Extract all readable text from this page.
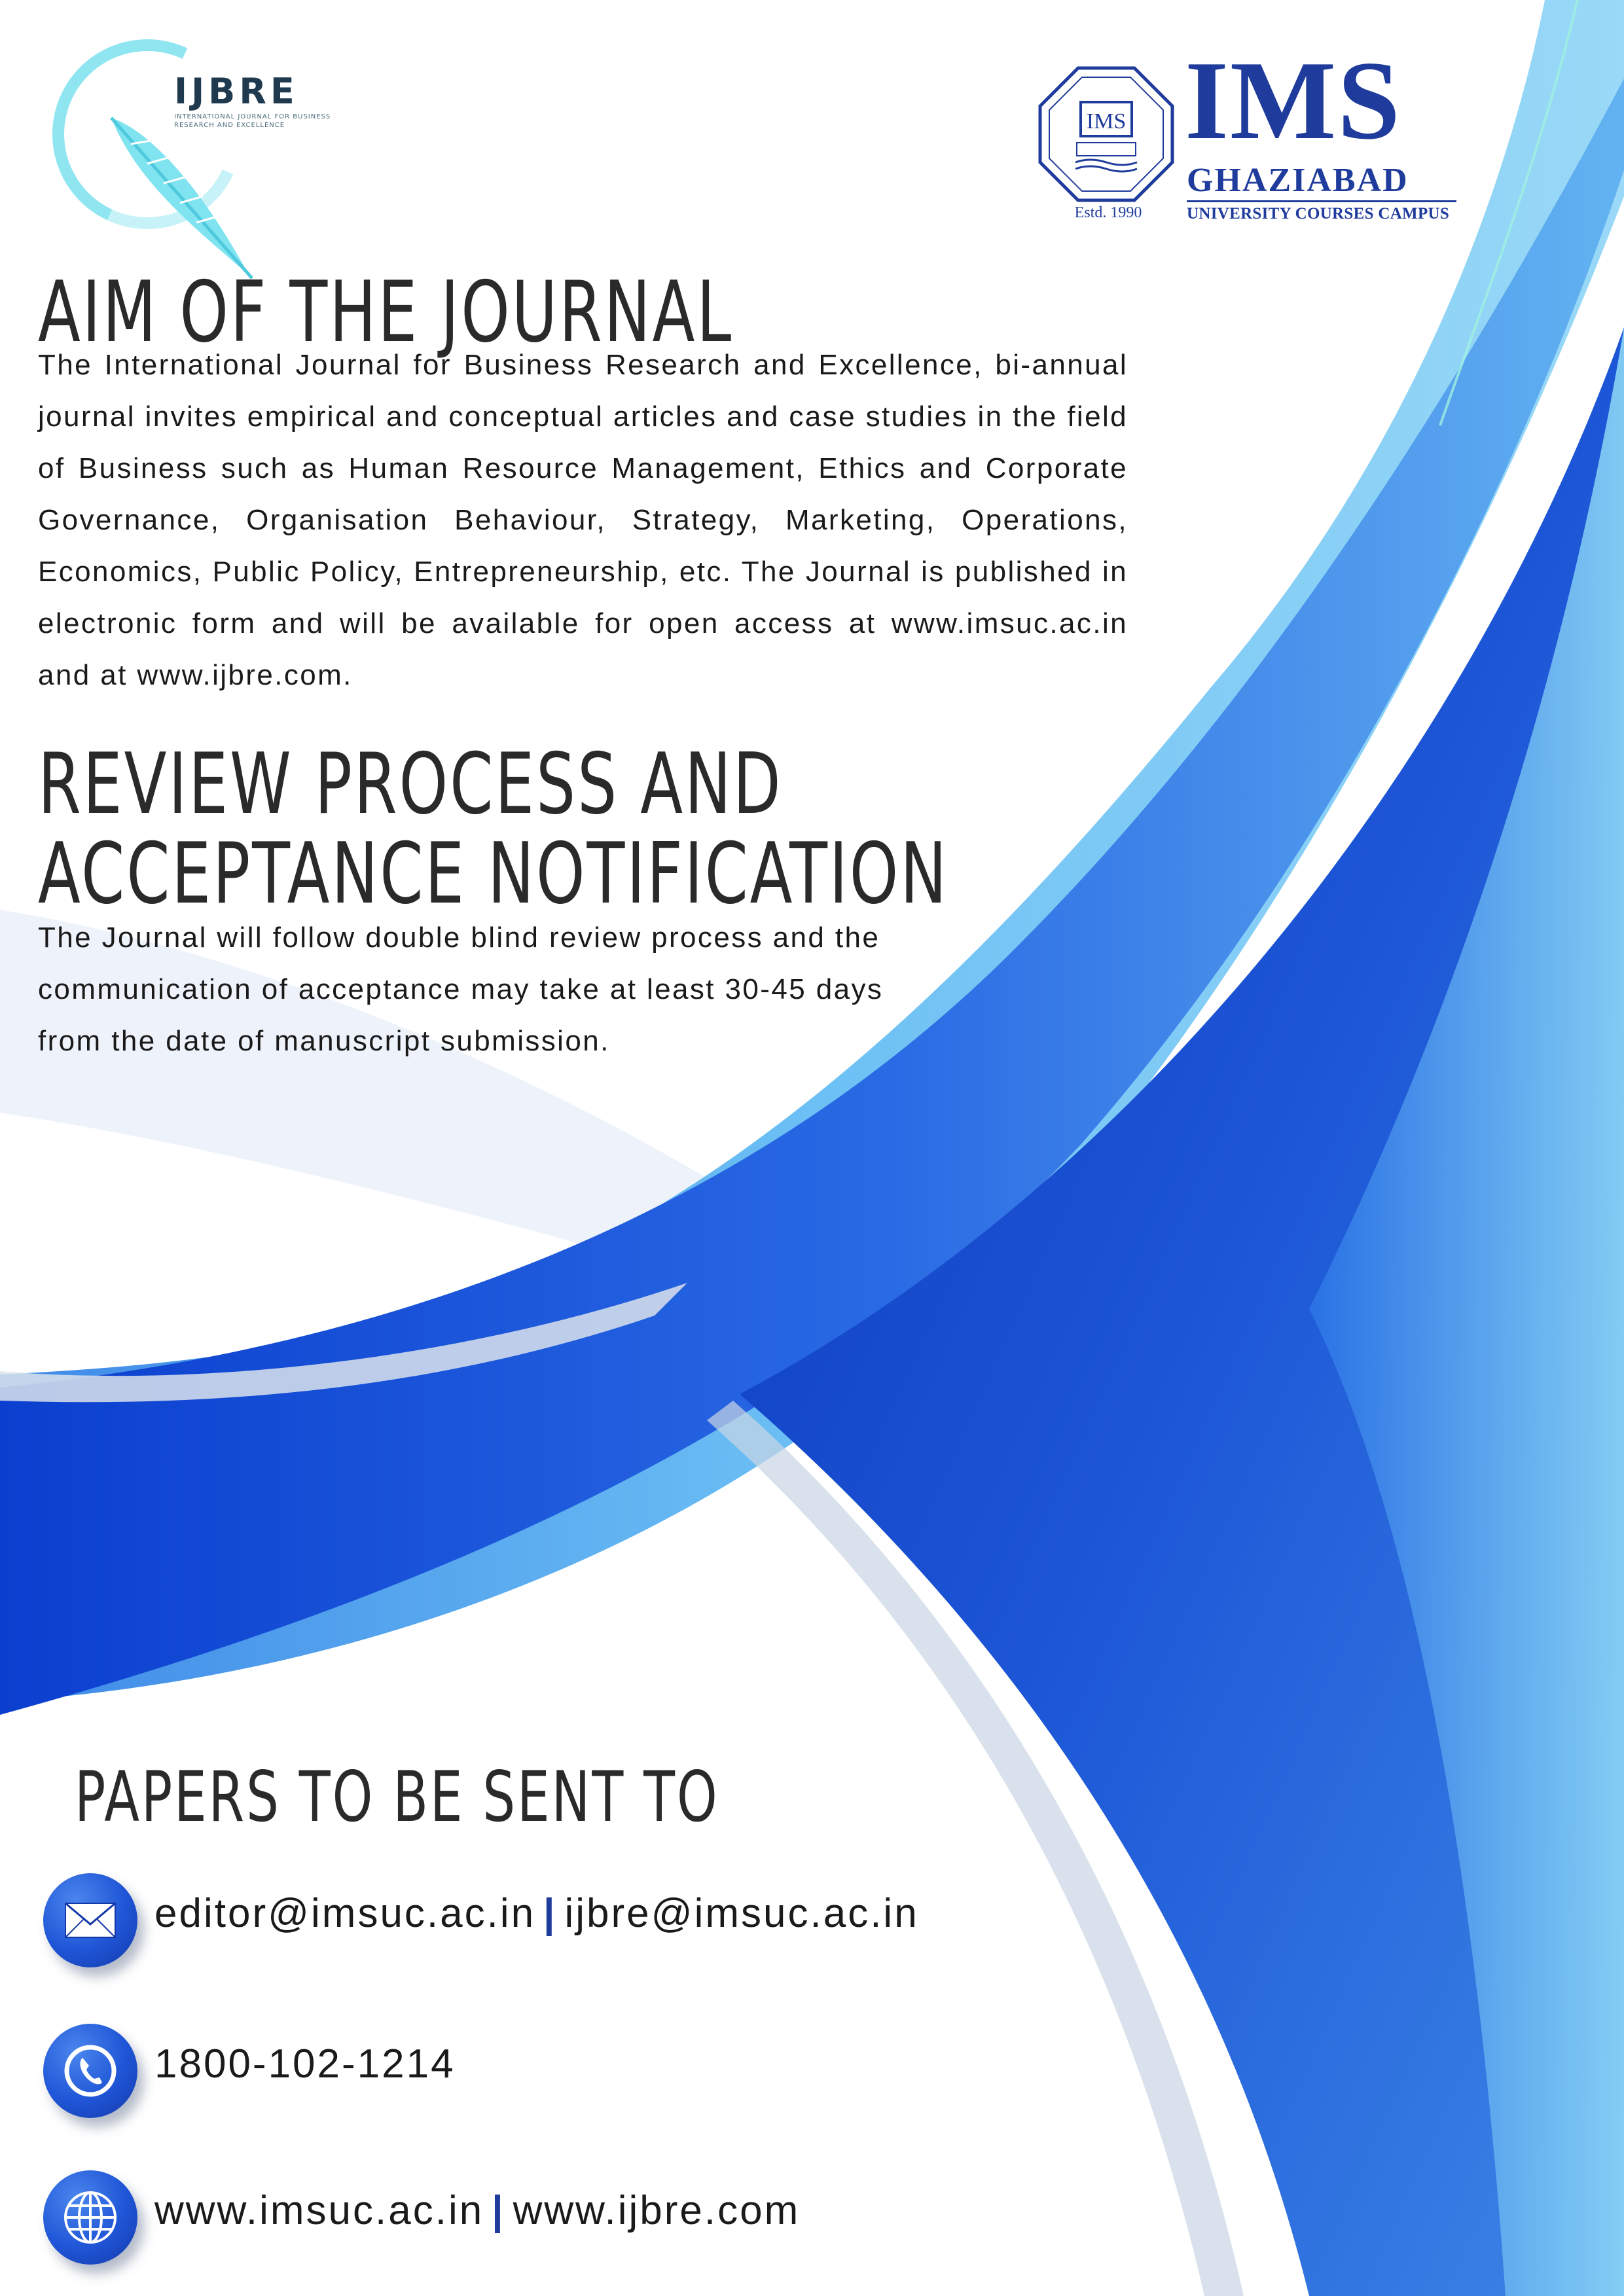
IJBRE
INTERNATIONAL JOURNAL FOR BUSINESS RESEARCH AND EXCELLENCE	IMS
Estd. 1990
IMS
GHAZIABAD
UNIVERSITY COURSES CAMPUS
AIM OF THE JOURNAL

The International Journal for Business Research and Excellence, bi-annual journal invites empirical and conceptual articles and case studies in the field of Business such as Human Resource Management, Ethics and Corporate Governance, Organisation Behaviour, Strategy, Marketing, Operations, Economics, Public Policy, Entrepreneurship, etc. The Journal is published in electronic form and will be available for open access at www.imsuc.ac.in and at www.ijbre.com.

REVIEW PROCESS AND
ACCEPTANCE NOTIFICATION

The Journal will follow double blind review process and the
communication of acceptance may take at least 30-45 days
from the date of manuscript submission.

PAPERS TO BE SENT TO
editor@imsuc.ac.in | ijbre@imsuc.ac.in
1800-102-1214
www.imsuc.ac.in | www.ijbre.com
